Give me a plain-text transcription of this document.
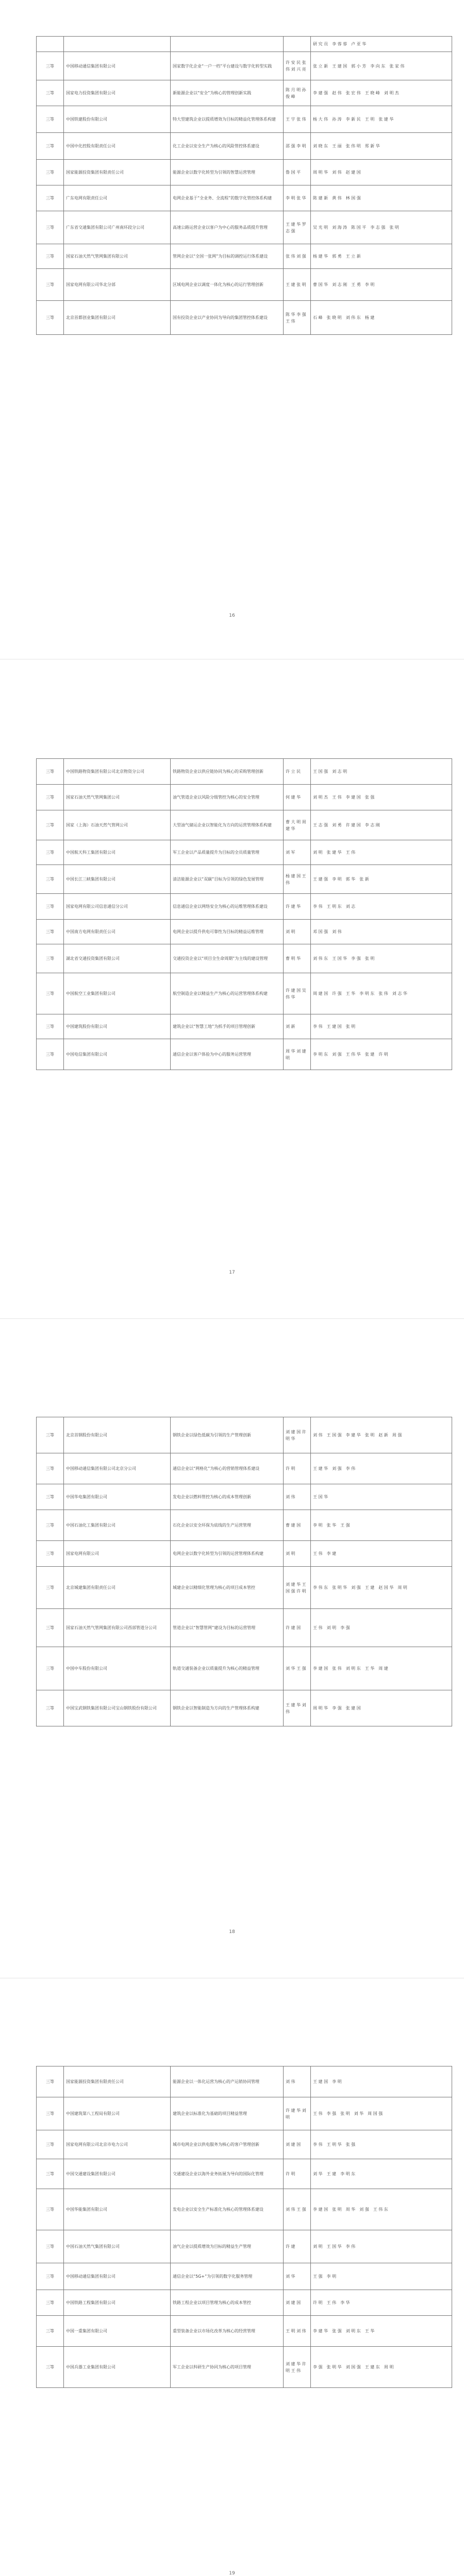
				研 究 员　李 蓉 蓉　卢 亚 华
三等	中国移动通信集团有限公司	国家数字化企业“一户一档”平台建设与数字化转型实践	许 安 民 张 伟 刘 兴 亮	张 立 新　王 建 国　郭 小 芳　李 向 东　张 家 伟
三等	国家电力投资集团有限公司	新能源企业以“安全”为核心的管理创新实践	陈 月 明 孙 俊 峰	李 建 强　赵 伟　张 宏 伟　王 晓 峰　刘 明 杰
三等	中国铁建股份有限公司	特大型建筑企业以提质增效为目标的精益化管理体系构建	王 宇 张 伟	杨 大 伟　孙 涛　李 新 民　王 明　张 建 华
三等	中国中化控股有限责任公司	化工企业以安全生产为核心的风险管控体系建设	邵 强 李 明	刘 晓 东　王 丽　张 伟 明　郑 新 华
三等	国家能源投资集团有限责任公司	能源企业以数字化转型为引领的智慧运营管理	鲁 国 平	周 明 华　刘 伟　赵 建 国
三等	广东电网有限责任公司	电网企业基于“全业务、全流程”的数字化管控体系构建	李 明 张 华	陈 建 新　黄 伟　林 国 强
三等	广东省交通集团有限公司广州南环段分公司	高速公路运营企业以客户为中心的服务品质提升管理	王 建 华 罗 志 强	吴 光 明　刘 海 涛　陈 国 平　李 志 强　张 明
三等	国家石油天然气管网集团有限公司	管网企业以“全国一张网”为目标的调控运行体系建设	张 伟 刘 强	杨 建 华　郭 勇　王 立 新
三等	国家电网有限公司华北分部	区域电网企业以调度一体化为核心的运行管理创新	王 建 张 明	曹 国 华　刘 志 刚　王 勇　李 明
三等	北京首都创业集团有限公司	国有投资企业以产业协同为导向的集团管控体系建设	陈 华 李 强 王 伟	石 峰　张 晓 明　刘 伟 东　杨 建
16
三等	中国铁路物资集团有限公司北京物资分公司	铁路物资企业以供应链协同为核心的采购管理创新	许 立 民	王 国 强　刘 志 明
三等	国家石油天然气管网集团公司	油气管道企业以风险分级管控为核心的安全管理	何 建 华	刘 明 杰　王 伟　李 建 国　张 强
三等	国家（上海）石油天然气管网公司	大型油气储运企业以智能化为方向的运营管理体系构建	曹 大 明 周 建 华	王 志 强　刘 勇　许 建 国　李 志 刚
三等	中国航天科工集团有限公司	军工企业以产品质量提升为目标的全员质量管理	刘 军	刘 明　张 建 华　王 伟
三等	中国长江三峡集团有限公司	清洁能源企业以“双碳”目标为引领的绿色发展管理	杨 建 国 王 伟	王 建 强　李 明　郭 华　张 新
三等	国家电网有限公司信息通信分公司	信息通信企业以网络安全为核心的运维管理体系建设	许 建 华	李 伟　王 明 东　刘 志
三等	中国南方电网有限责任公司	电网企业以提升供电可靠性为目标的精益运维管理	刘 明	邓 国 强　刘 伟
三等	湖北省交通投资集团有限公司	交通投资企业以“项目全生命周期”为主线的建设管理	曹 明 华	刘 伟 东　王 国 华　李 强　张 明
三等	中国航空工业集团有限公司	航空制造企业以精益生产为核心的运营管理体系构建	许 建 国 吴 伟 华	周 建 国　许 强　王 华　李 明 东　张 伟　刘 志 华
三等	中国建筑股份有限公司	建筑企业以“智慧工地”为抓手的项目管理创新	刘 新	李 伟　王 建 国　张 明
三等	中国电信集团有限公司	通信企业以客户体验为中心的服务运营管理	周 华 刘 建 明	李 明 东　刘 强　王 伟 华　张 建　许 明
17
三等	北京首钢股份有限公司	钢铁企业以绿色低碳为引领的生产管理创新	刘 建 国 许 明 华	刘 伟　王 国 强　李 建 华　张 明　赵 新　周 强
三等	中国移动通信集团有限公司北京分公司	通信企业以“网格化”为核心的营销管理体系建设	许 明	王 建 华　刘 强　李 伟
三等	中国华电集团有限公司	发电企业以燃料管控为核心的成本管理创新	刘 伟	王 国 华
三等	中国石油化工集团有限公司	石化企业以安全环保为底线的生产运营管理	曹 建 国	李 明　张 华　王 强
三等	国家电网有限公司	电网企业以数字化转型为引领的运营管理体系构建	刘 明	王 伟　李 建
三等	北京城建集团有限责任公司	城建企业以精细化管理为核心的项目成本管控	刘 建 华 王 国 强 许 明	李 伟 东　张 明 华　刘 强　王 建　赵 国 华　周 明
三等	国家石油天然气管网集团有限公司西部管道分公司	管道企业以“智慧管网”建设为目标的运营管理	许 建 国	王 伟　刘 明　李 强
三等	中国中车股份有限公司	轨道交通装备企业以质量提升为核心的精益管理	刘 华 王 强	李 建 国　张 伟　刘 明 东　王 华　周 建
三等	中国宝武钢铁集团有限公司宝山钢铁股份有限公司	钢铁企业以智能制造为方向的生产管理体系构建	王 建 华 刘 伟	周 明 华　李 强　张 建 国
18
三等	国家能源投资集团有限责任公司	能源企业以一体化运营为核心的产运销协同管理	刘 伟	王 建 国　李 明
三等	中国建筑第八工程局有限公司	建筑企业以标准化为基础的项目精益管理	许 建 华 刘 明	王 伟　李 强　张 明　刘 华　周 国 强
三等	国家电网有限公司北京市电力公司	城市电网企业以供电服务为核心的客户管理创新	刘 建 国	李 伟　王 明 华　张 强
三等	中国交通建设集团有限公司	交通建设企业以海外业务拓展为导向的国际化管理	许 明	刘 华　王 建　李 明 东
三等	中国华能集团有限公司	发电企业以安全生产标准化为核心的管理体系建设	刘 伟 王 强	李 建 国　张 明　周 华　刘 强　王 伟 东
三等	中国石油天然气集团有限公司	油气企业以提质增效为目标的精益生产管理	许 建	刘 明　王 国 华　李 伟
三等	中国移动通信集团有限公司	通信企业以“5G+”为引领的数字化服务管理	刘 华	王 强　李 明
三等	中国铁路工程集团有限公司	铁路工程企业以项目管理为核心的成本管控	刘 建 国	许 明　王 伟　李 华
三等	中国一重集团有限公司	重型装备企业以市场化改革为核心的经营管理	王 明 刘 伟	李 建 华　张 强　刘 明 东　王 华
三等	中国兵器工业集团有限公司	军工企业以科研生产协同为核心的项目管理	刘 建 华 许 明 王 伟	李 强　张 明 华　刘 国 强　王 建 东　周 明
19
